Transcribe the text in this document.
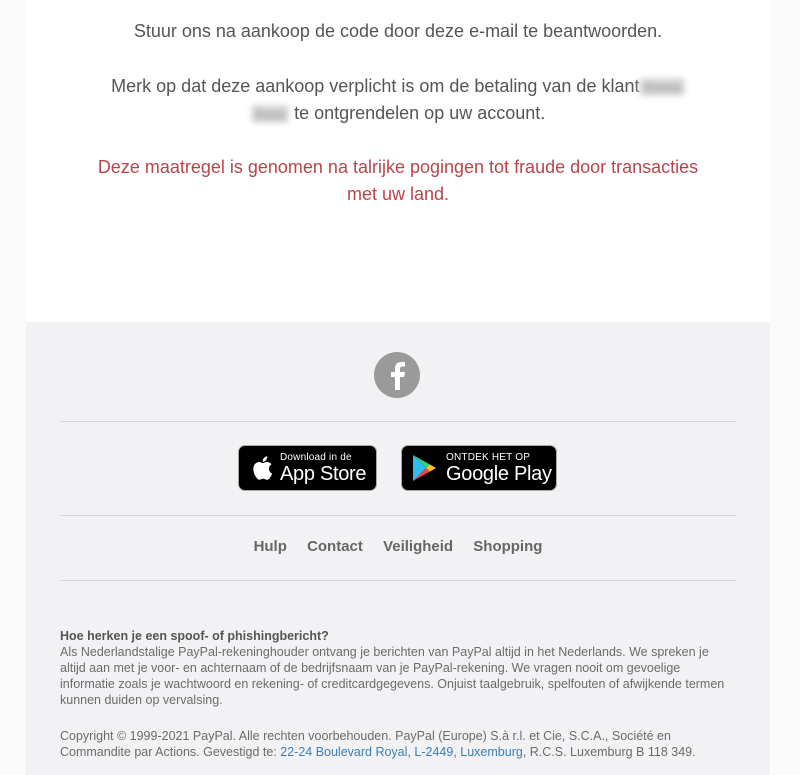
Stuur ons na aankoop de code door deze e-mail te beantwoorden.
Merk op dat deze aankoop verplicht is om de betaling van de klant Xxxxx
Xxxx te ontgrendelen op uw account.
Deze maatregel is genomen na talrijke pogingen tot fraude door transacties
met uw land.
Download in de
App Store
ONTDEK HET OP
Google Play
Hulp Contact Veiligheid Shopping
Hoe herken je een spoof- of phishingbericht?
Als Nederlandstalige PayPal-rekeninghouder ontvang je berichten van PayPal altijd in het Nederlands. We spreken je altijd aan met je voor- en achternaam of de bedrijfsnaam van je PayPal-rekening. We vragen nooit om gevoelige informatie zoals je wachtwoord en rekening- of creditcardgegevens. Onjuist taalgebruik, spelfouten of afwijkende termen kunnen duiden op vervalsing.
Copyright © 1999-2021 PayPal. Alle rechten voorbehouden. PayPal (Europe) S.à r.l. et Cie, S.C.A., Société en Commandite par Actions. Gevestigd te: 22-24 Boulevard Royal, L-2449, Luxemburg, R.C.S. Luxemburg B 118 349.
